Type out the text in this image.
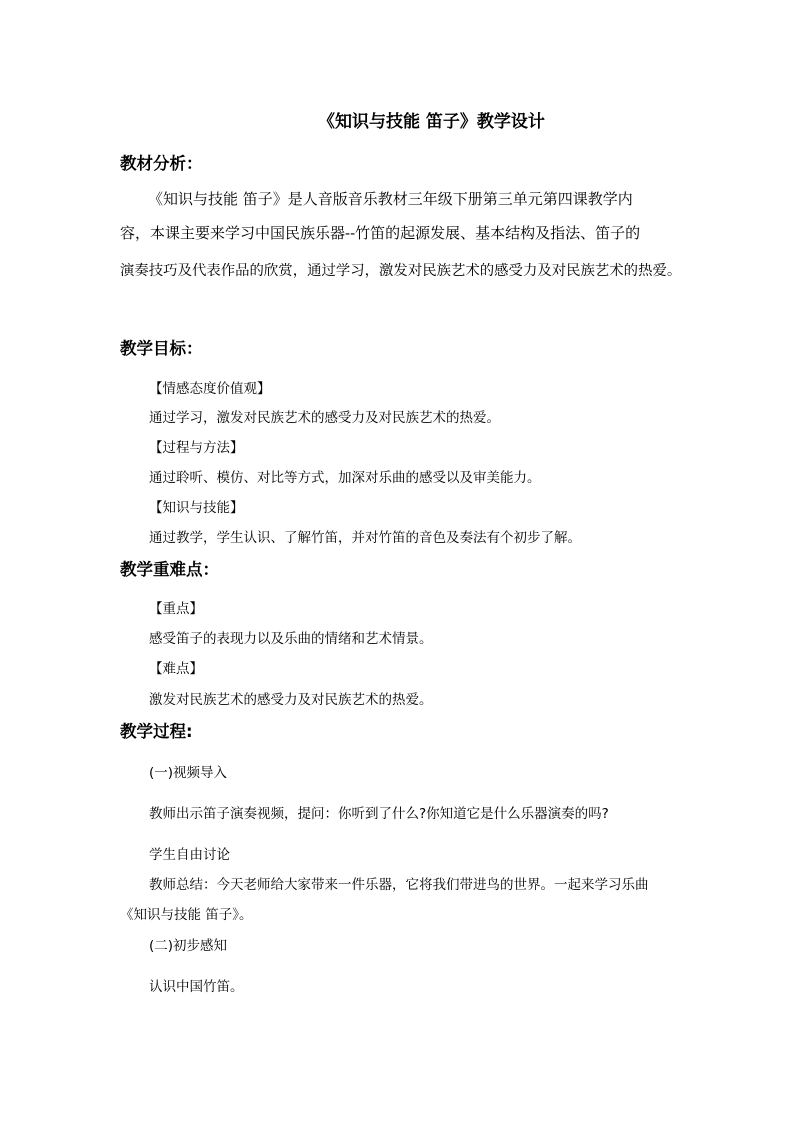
《知识与技能 笛子》教学设计
教材分析：
《知识与技能 笛子》是人音版音乐教材三年级下册第三单元第四课教学内
容，本课主要来学习中国民族乐器--竹笛的起源发展、基本结构及指法、笛子的
演奏技巧及代表作品的欣赏，通过学习，激发对民族艺术的感受力及对民族艺术的热爱。
教学目标：
【情感态度价值观】
通过学习，激发对民族艺术的感受力及对民族艺术的热爱。
【过程与方法】
通过聆听、模仿、对比等方式，加深对乐曲的感受以及审美能力。
【知识与技能】
通过教学，学生认识、了解竹笛，并对竹笛的音色及奏法有个初步了解。
教学重难点：
【重点】
感受笛子的表现力以及乐曲的情绪和艺术情景。
【难点】
激发对民族艺术的感受力及对民族艺术的热爱。
教学过程:
(一)视频导入
教师出示笛子演奏视频，提问：你听到了什么?你知道它是什么乐器演奏的吗?
学生自由讨论
教师总结：今天老师给大家带来一件乐器，它将我们带进鸟的世界。一起来学习乐曲
《知识与技能 笛子》。
(二)初步感知
认识中国竹笛。
